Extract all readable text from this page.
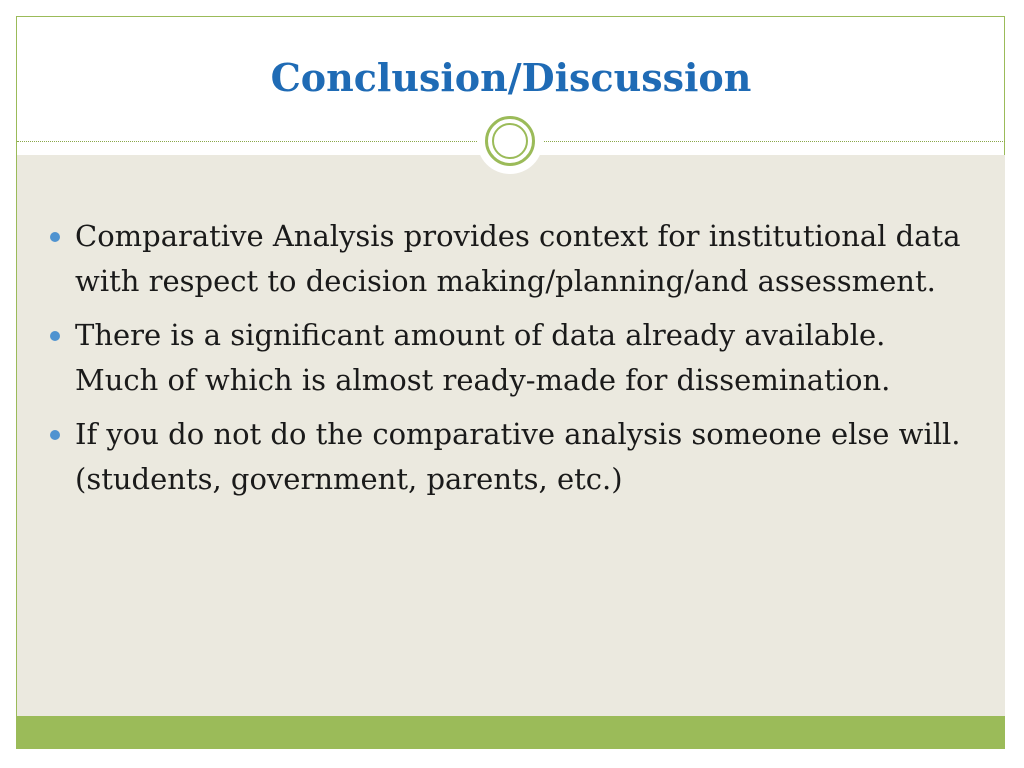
Conclusion/Discussion
Comparative Analysis provides context for institutional data with respect to decision making/planning/and assessment.
There is a significant amount of data already available. Much of which is almost ready-made for dissemination.
If you do not do the comparative analysis someone else will. (students, government, parents, etc.)
